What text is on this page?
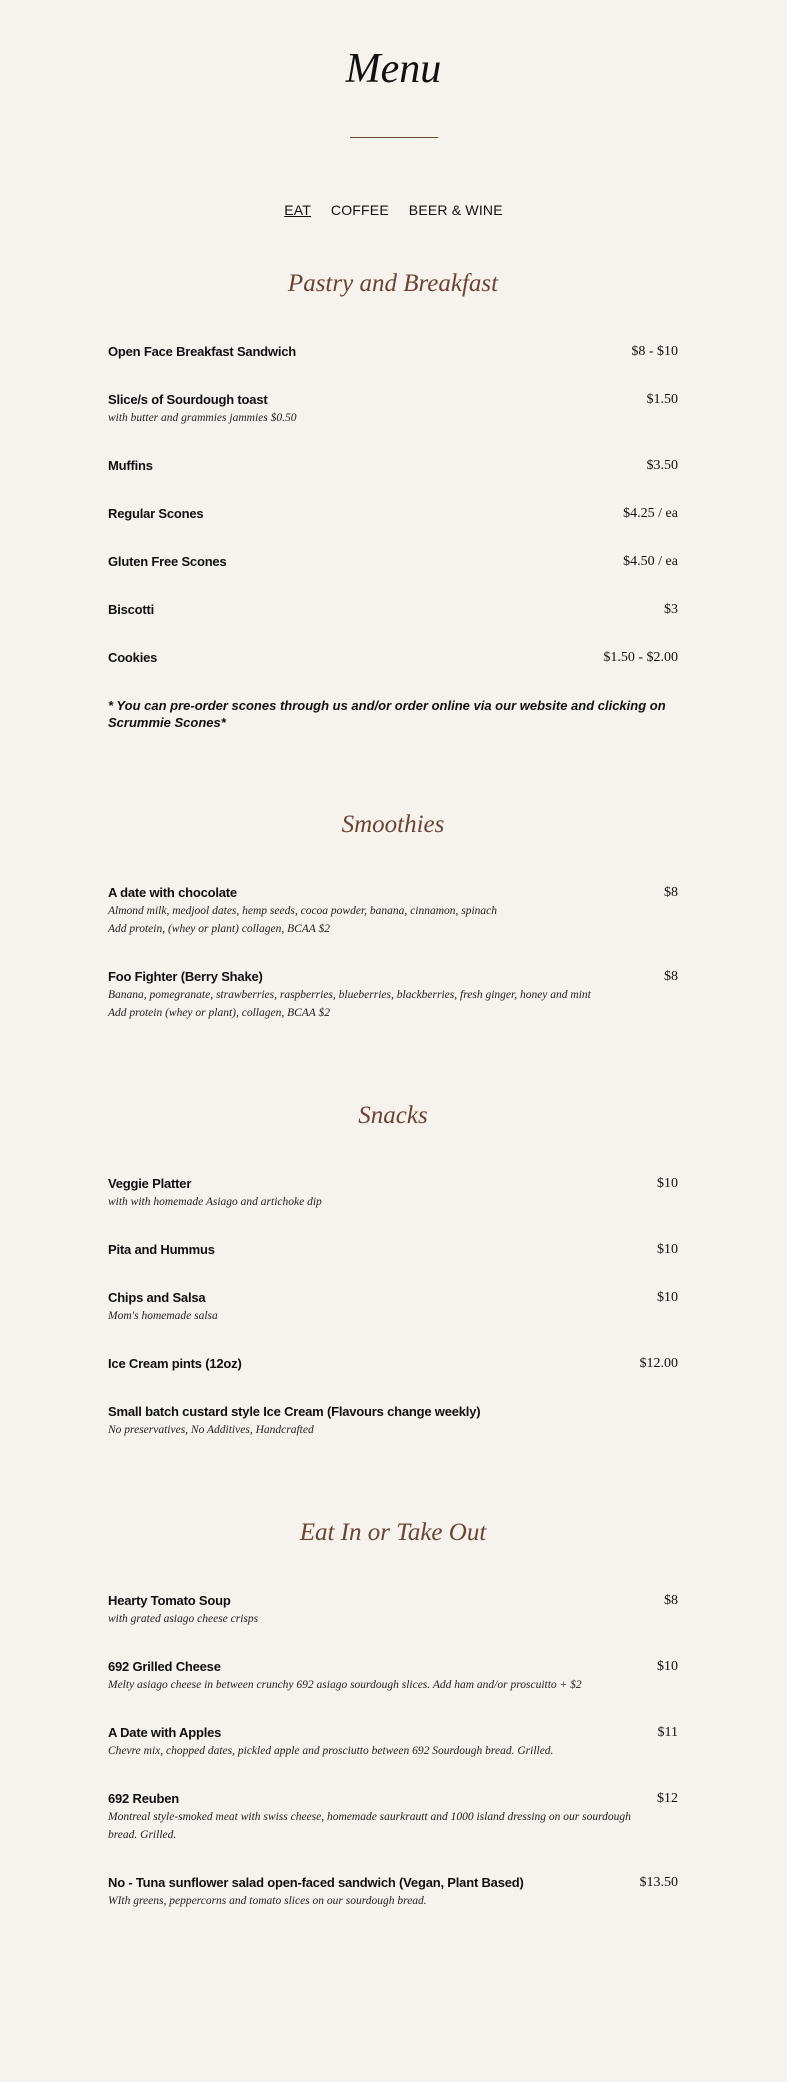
Menu
EAT COFFEE BEER & WINE
Pastry and Breakfast
Open Face Breakfast Sandwich	$8 - $10
Slice/s of Sourdough toast
with butter and grammies jammies $0.50
$1.50
Muffins	$3.50
Regular Scones	$4.25 / ea
Gluten Free Scones	$4.50 / ea
Biscotti	$3
Cookies	$1.50 - $2.00
* You can pre-order scones through us and/or order online via our website and clicking on Scrummie Scones*
Smoothies
A date with chocolate
Almond milk, medjool dates, hemp seeds, cocoa powder, banana, cinnamon, spinach
Add protein, (whey or plant) collagen, BCAA $2
$8
Foo Fighter (Berry Shake)
Banana, pomegranate, strawberries, raspberries, blueberries, blackberries, fresh ginger, honey and mint
Add protein (whey or plant), collagen, BCAA $2
$8
Snacks
Veggie Platter
with with homemade Asiago and artichoke dip
$10
Pita and Hummus	$10
Chips and Salsa
Mom's homemade salsa
$10
Ice Cream pints (12oz)	$12.00
Small batch custard style Ice Cream (Flavours change weekly)
No preservatives, No Additives, Handcrafted
Eat In or Take Out
Hearty Tomato Soup
with grated asiago cheese crisps
$8
692 Grilled Cheese
Melty asiago cheese in between crunchy 692 asiago sourdough slices. Add ham and/or proscuitto + $2
$10
A Date with Apples
Chevre mix, chopped dates, pickled apple and prosciutto between 692 Sourdough bread. Grilled.
$11
692 Reuben
Montreal style-smoked meat with swiss cheese, homemade saurkrautt and 1000 island dressing on our sourdough bread. Grilled.
$12
No - Tuna sunflower salad open-faced sandwich (Vegan, Plant Based)
WIth greens, peppercorns and tomato slices on our sourdough bread.
$13.50
